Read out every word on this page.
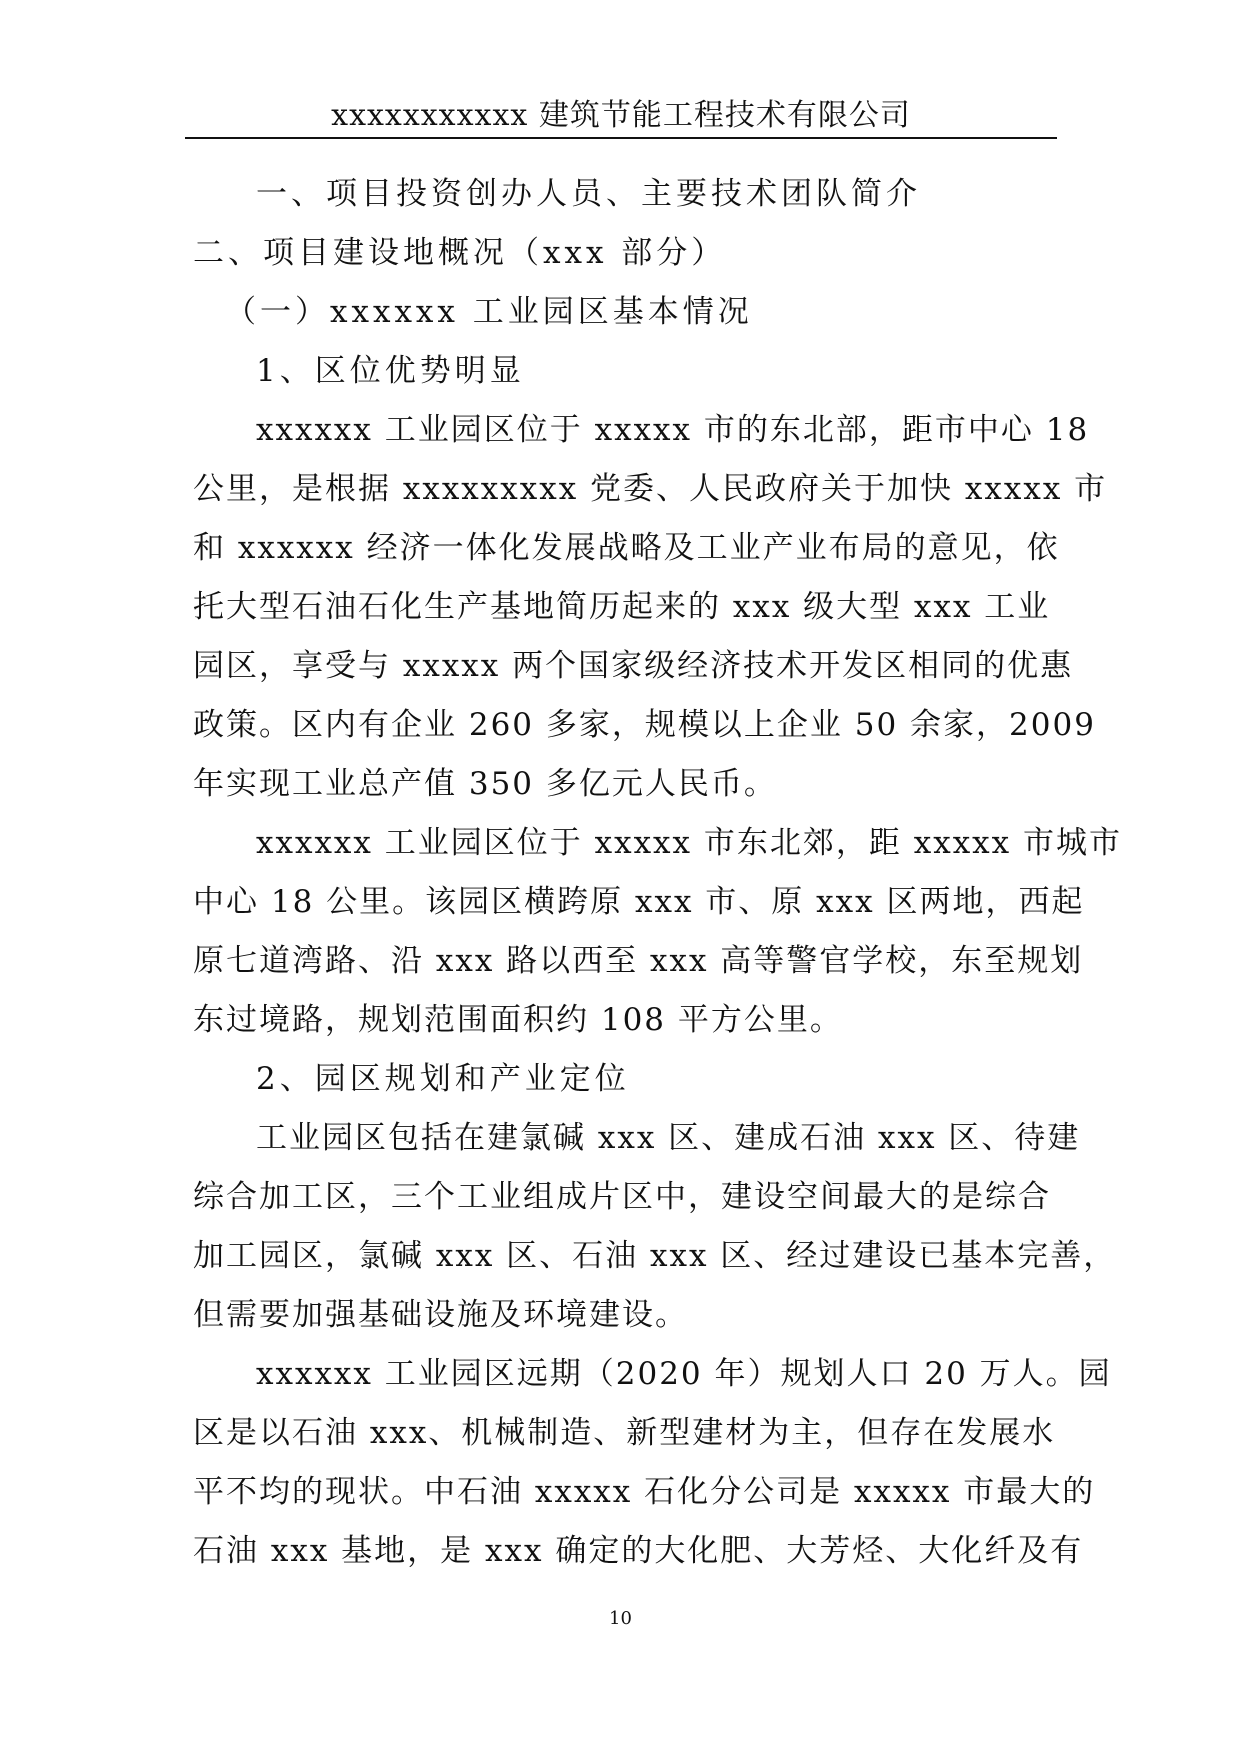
xxxxxxxxxxx 建筑节能工程技术有限公司
一、项目投资创办人员、主要技术团队简介
二、项目建设地概况（xxx 部分）
（一）xxxxxx 工业园区基本情况
1、区位优势明显
xxxxxx 工业园区位于 xxxxx 市的东北部，距市中心 18
公里，是根据 xxxxxxxxx 党委、人民政府关于加快 xxxxx 市
和 xxxxxx 经济一体化发展战略及工业产业布局的意见，依
托大型石油石化生产基地简历起来的 xxx 级大型 xxx 工业
园区，享受与 xxxxx 两个国家级经济技术开发区相同的优惠
政策。区内有企业 260 多家，规模以上企业 50 余家，2009
年实现工业总产值 350 多亿元人民币。
xxxxxx 工业园区位于 xxxxx 市东北郊，距 xxxxx 市城市
中心 18 公里。该园区横跨原 xxx 市、原 xxx 区两地，西起
原七道湾路、沿 xxx 路以西至 xxx 高等警官学校，东至规划
东过境路，规划范围面积约 108 平方公里。
2、园区规划和产业定位
工业园区包括在建氯碱 xxx 区、建成石油 xxx 区、待建
综合加工区，三个工业组成片区中，建设空间最大的是综合
加工园区，氯碱 xxx 区、石油 xxx 区、经过建设已基本完善，
但需要加强基础设施及环境建设。
xxxxxx 工业园区远期（2020 年）规划人口 20 万人。园
区是以石油 xxx、机械制造、新型建材为主，但存在发展水
平不均的现状。中石油 xxxxx 石化分公司是 xxxxx 市最大的
石油 xxx 基地，是 xxx 确定的大化肥、大芳烃、大化纤及有
10
